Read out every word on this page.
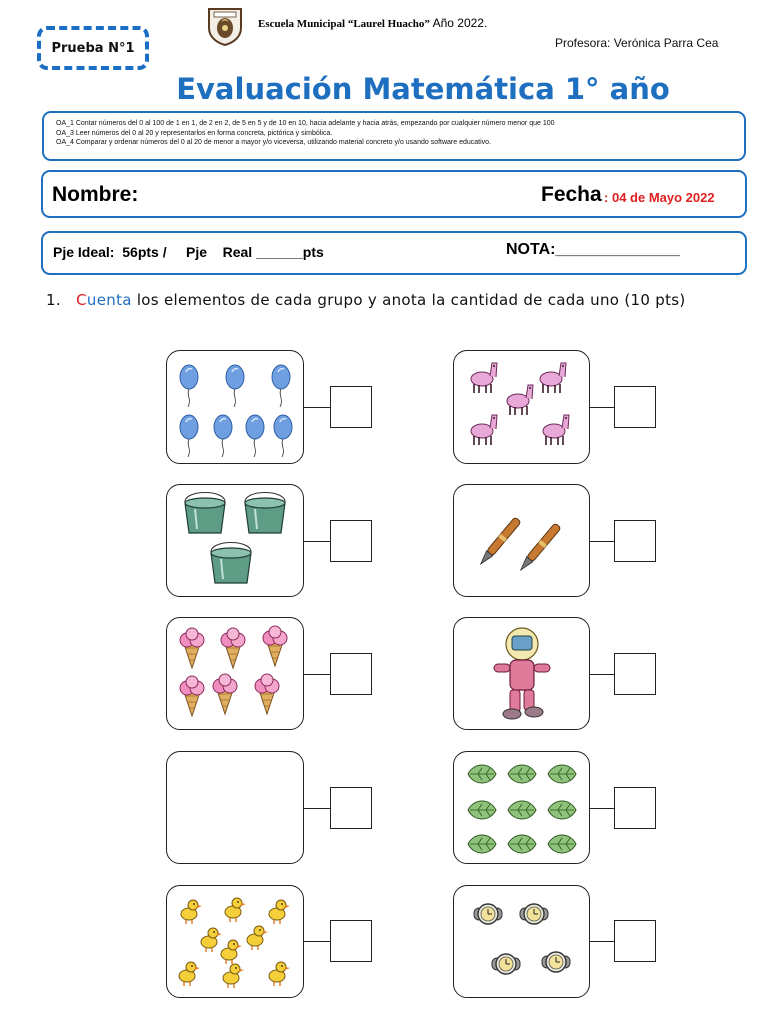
Prueba N°1
Escuela Municipal “Laurel Huacho” Año 2022.
Profesora: Verónica Parra Cea
Evaluación Matemática 1° año
OA_1 Contar números del 0 al 100 de 1 en 1, de 2 en 2, de 5 en 5 y de 10 en 10, hacia adelante y hacia atrás, empezando por cualquier número menor que 100
OA_3 Leer números del 0 al 20 y representarlos en forma concreta, pictórica y simbólica.
OA_4 Comparar y ordenar números del 0 al 20 de menor a mayor y/o viceversa, utilizando material concreto y/o usando software educativo.
Nombre:	Fecha : 04 de Mayo 2022
Pje Ideal:  56pts /     Pje    Real ______pts	NOTA:______________
1. Cuenta los elementos de cada grupo y anota la cantidad de cada uno (10 pts)
